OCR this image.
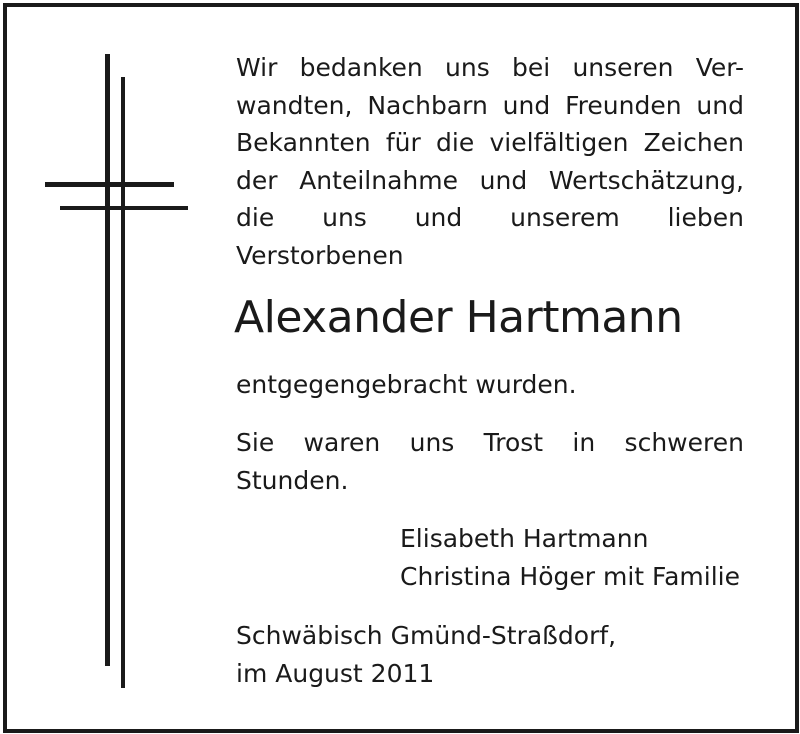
Wir bedanken uns bei unseren Ver-
wandten, Nachbarn und Freunden und
Bekannten für die vielfältigen Zeichen
der Anteilnahme und Wertschätzung,
die uns und unserem lieben
Verstorbenen
Alexander Hartmann
entgegengebracht wurden.
Sie waren uns Trost in schweren
Stunden.
Elisabeth Hartmann
Christina Höger mit Familie
Schwäbisch Gmünd-Straßdorf,
im August 2011
